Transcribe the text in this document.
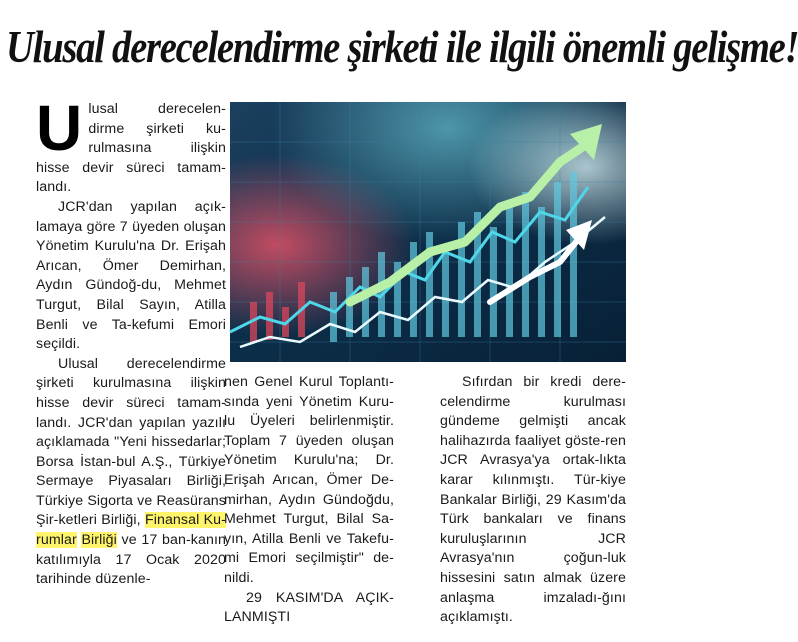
Ulusal derecelendirme şirketi ile ilgili önemli gelişme!

Ulusal derecelen-dirme şirketi ku-rulmasına ilişkin hisse devir süreci tamam-landı.

JCR'dan yapılan açık-lamaya göre 7 üyeden oluşan Yönetim Kurulu'na Dr. Erişah Arıcan, Ömer Demirhan, Aydın Gündoğ-du, Mehmet Turgut, Bilal Sayın, Atilla Benli ve Ta-kefumi Emori seçildi.

Ulusal derecelendirme şirketi kurulmasına ilişkin hisse devir süreci tamam-landı. JCR'dan yapılan yazılı açıklamada "Yeni hissedarlar; Borsa İstan-bul A.Ş., Türkiye Sermaye Piyasaları Birliği, Türkiye Sigorta ve Reasürans Şir-ketleri Birliği, Finansal Ku-rumlar Birliği ve 17 ban-kanın katılımıyla 17 Ocak 2020 tarihinde düzenle-

nen Genel Kurul Toplantı-sında yeni Yönetim Kuru-lu Üyeleri belirlenmiştir. Toplam 7 üyeden oluşan Yönetim Kurulu'na; Dr. Erişah Arıcan, Ömer De-mirhan, Aydın Gündoğdu, Mehmet Turgut, Bilal Sa-yın, Atilla Benli ve Takefu-mi Emori seçilmiştir" de-nildi.

29 KASIM'DA AÇIK-LANMIŞTI

Sıfırdan bir kredi dere-celendirme kurulması gündeme gelmişti ancak halihazırda faaliyet göste-ren JCR Avrasya'ya ortak-lıkta karar kılınmıştı. Tür-kiye Bankalar Birliği, 29 Kasım'da Türk bankaları ve finans kuruluşlarının JCR Avrasya'nın çoğun-luk hissesini satın almak üzere anlaşma imzaladı-ğını açıklamıştı.
